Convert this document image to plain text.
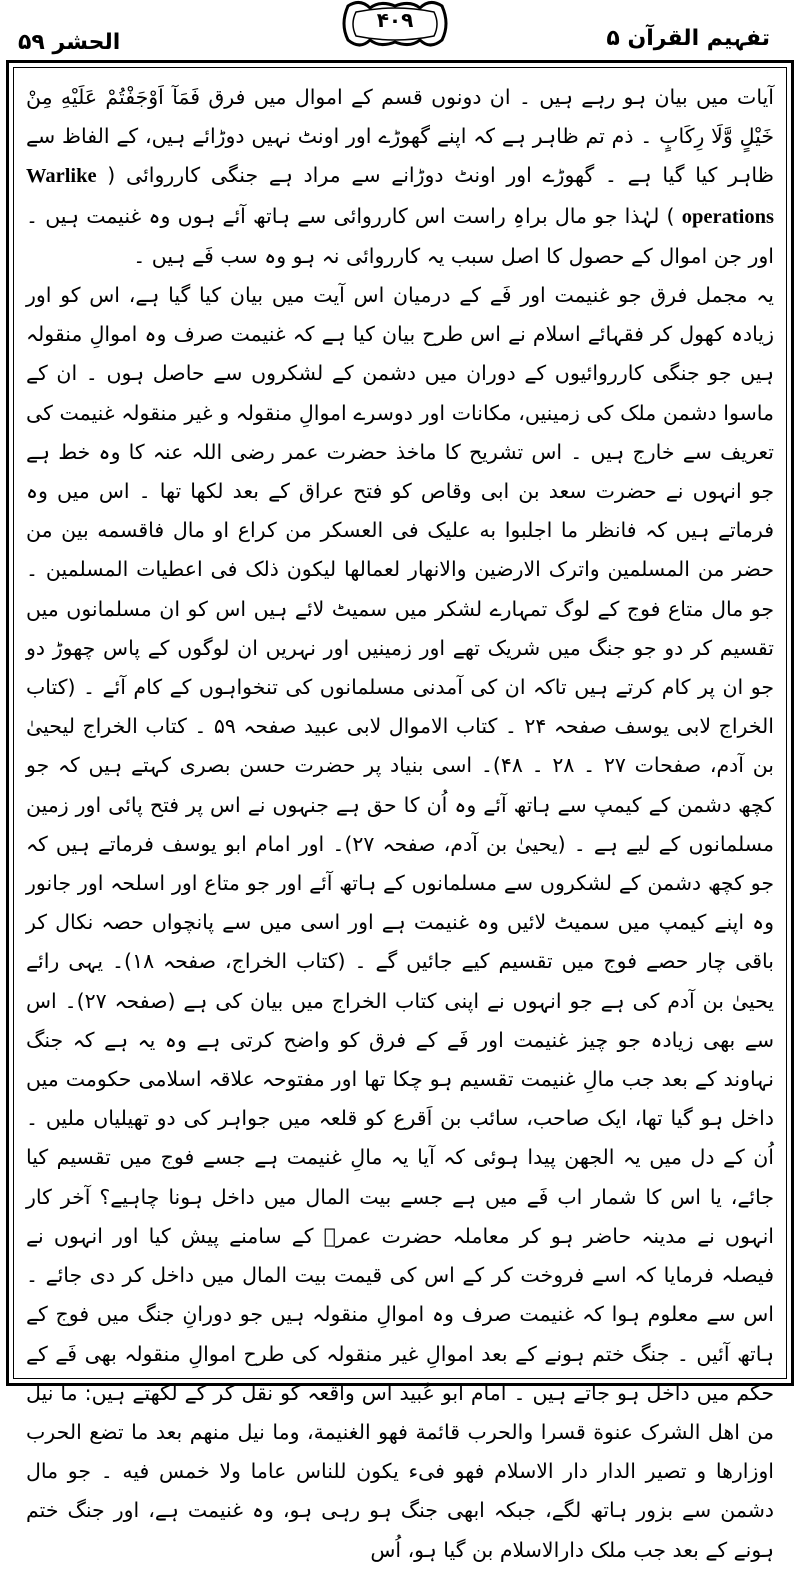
تفہیم القرآن ۵
۴۰۹
الحشر ۵۹

آیات میں بیان ہو رہے ہیں ۔ ان دونوں قسم کے اموال میں فرق فَمَآ اَوْجَفْتُمْ عَلَيْهِ مِنْ خَيْلٍ وَّلَا رِكَابٍ ۔ ذم تم ظاہر ہے کہ اپنے گھوڑے اور اونٹ نہیں دوڑائے ہیں، کے الفاظ سے ظاہر کیا گیا ہے ۔ گھوڑے اور اونٹ دوڑانے سے مراد ہے جنگی کارروائی ( Warlike operations ) لہٰذا جو مال براہِ راست اس کارروائی سے ہاتھ آئے ہوں وہ غنیمت ہیں ۔ اور جن اموال کے حصول کا اصل سبب یہ کارروائی نہ ہو وہ سب فَے ہیں ۔

یہ مجمل فرق جو غنیمت اور فَے کے درمیان اس آیت میں بیان کیا گیا ہے، اس کو اور زیادہ کھول کر فقہائے اسلام نے اس طرح بیان کیا ہے کہ غنیمت صرف وہ اموالِ منقولہ ہیں جو جنگی کارروائیوں کے دوران میں دشمن کے لشکروں سے حاصل ہوں ۔ ان کے ماسوا دشمن ملک کی زمینیں، مکانات اور دوسرے اموالِ منقولہ و غیر منقولہ غنیمت کی تعریف سے خارج ہیں ۔ اس تشریح کا ماخذ حضرت عمر رضی اللہ عنہ کا وہ خط ہے جو انہوں نے حضرت سعد بن ابی وقاص کو فتح عراق کے بعد لکھا تھا ۔ اس میں وہ فرماتے ہیں کہ فانظر ما اجلبوا به علیک فی العسکر من کراع او مال فاقسمه بین من حضر من المسلمین واترک الارضین والانھار لعمالھا لیکون ذلک فی اعطیات المسلمین ۔ جو مال متاع فوج کے لوگ تمہارے لشکر میں سمیٹ لائے ہیں اس کو ان مسلمانوں میں تقسیم کر دو جو جنگ میں شریک تھے اور زمینیں اور نہریں ان لوگوں کے پاس چھوڑ دو جو ان پر کام کرتے ہیں تاکہ ان کی آمدنی مسلمانوں کی تنخواہوں کے کام آئے ۔ (کتاب الخراج لابی یوسف صفحہ ۲۴ ۔ کتاب الاموال لابی عبید صفحہ ۵۹ ۔ کتاب الخراج لیحییٰ بن آدم، صفحات ۲۷ ۔ ۲۸ ۔ ۴۸)۔ اسی بنیاد پر حضرت حسن بصری کہتے ہیں کہ جو کچھ دشمن کے کیمپ سے ہاتھ آئے وہ اُن کا حق ہے جنہوں نے اس پر فتح پائی اور زمین مسلمانوں کے لیے ہے ۔ (یحییٰ بن آدم، صفحہ ۲۷)۔ اور امام ابو یوسف فرماتے ہیں کہ جو کچھ دشمن کے لشکروں سے مسلمانوں کے ہاتھ آئے اور جو متاع اور اسلحہ اور جانور وہ اپنے کیمپ میں سمیٹ لائیں وہ غنیمت ہے اور اسی میں سے پانچواں حصہ نکال کر باقی چار حصے فوج میں تقسیم کیے جائیں گے ۔ (کتاب الخراج، صفحہ ۱۸)۔ یہی رائے یحییٰ بن آدم کی ہے جو انہوں نے اپنی کتاب الخراج میں بیان کی ہے (صفحہ ۲۷)۔ اس سے بھی زیادہ جو چیز غنیمت اور فَے کے فرق کو واضح کرتی ہے وہ یہ ہے کہ جنگ نہاوند کے بعد جب مالِ غنیمت تقسیم ہو چکا تھا اور مفتوحہ علاقہ اسلامی حکومت میں داخل ہو گیا تھا، ایک صاحب، سائب بن اَقرع کو قلعہ میں جواہر کی دو تھیلیاں ملیں ۔ اُن کے دل میں یہ الجھن پیدا ہوئی کہ آیا یہ مالِ غنیمت ہے جسے فوج میں تقسیم کیا جائے، یا اس کا شمار اب فَے میں ہے جسے بیت المال میں داخل ہونا چاہیے؟ آخر کار انہوں نے مدینہ حاضر ہو کر معاملہ حضرت عمرؓ کے سامنے پیش کیا اور انہوں نے فیصلہ فرمایا کہ اسے فروخت کر کے اس کی قیمت بیت المال میں داخل کر دی جائے ۔ اس سے معلوم ہوا کہ غنیمت صرف وہ اموالِ منقولہ ہیں جو دورانِ جنگ میں فوج کے ہاتھ آئیں ۔ جنگ ختم ہونے کے بعد اموالِ غیر منقولہ کی طرح اموالِ منقولہ بھی فَے کے حکم میں داخل ہو جاتے ہیں ۔ امام ابو عُبید اس واقعہ کو نقل کر کے لکھتے ہیں: ما نیل من اهل الشرک عنوة قسرا والحرب قائمة فهو الغنيمة، وما نيل منهم بعد ما تضع الحرب اوزارها و تصیر الدار دار الاسلام فهو فیء یکون للناس عاما ولا خمس فیه ۔ جو مال دشمن سے بزور ہاتھ لگے، جبکہ ابھی جنگ ہو رہی ہو، وہ غنیمت ہے، اور جنگ ختم ہونے کے بعد جب ملک دارالاسلام بن گیا ہو، اُس
